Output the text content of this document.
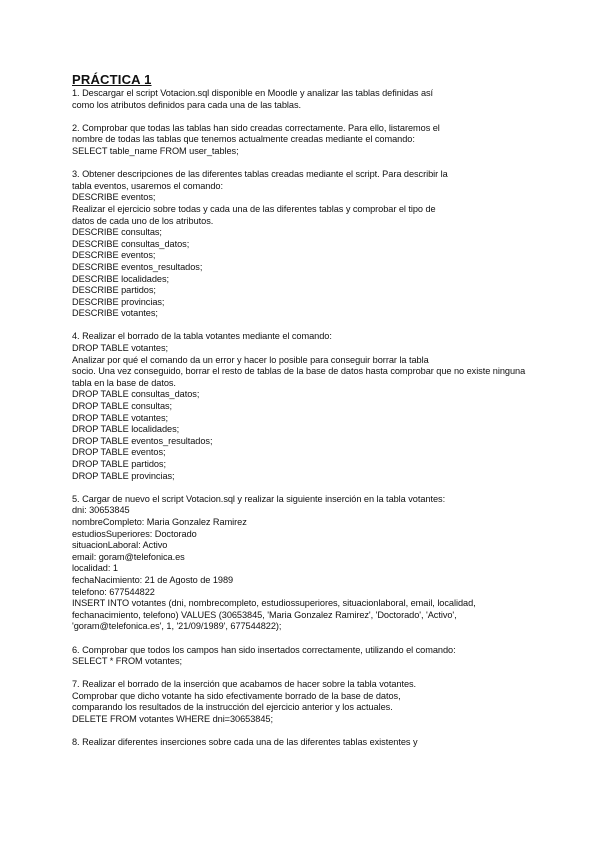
PRÁCTICA 1
1. Descargar el script Votacion.sql disponible en Moodle y analizar las tablas definidas así
como los atributos definidos para cada una de las tablas.
2. Comprobar que todas las tablas han sido creadas correctamente. Para ello, listaremos el
nombre de todas las tablas que tenemos actualmente creadas mediante el comando:
SELECT table_name FROM user_tables;
3. Obtener descripciones de las diferentes tablas creadas mediante el script. Para describir la
tabla eventos, usaremos el comando:
DESCRIBE eventos;
Realizar el ejercicio sobre todas y cada una de las diferentes tablas y comprobar el tipo de
datos de cada uno de los atributos.
DESCRIBE consultas;
DESCRIBE consultas_datos;
DESCRIBE eventos;
DESCRIBE eventos_resultados;
DESCRIBE localidades;
DESCRIBE partidos;
DESCRIBE provincias;
DESCRIBE votantes;
4. Realizar el borrado de la tabla votantes mediante el comando:
DROP TABLE votantes;
Analizar por qué el comando da un error y hacer lo posible para conseguir borrar la tabla
socio. Una vez conseguido, borrar el resto de tablas de la base de datos hasta comprobar que no existe ninguna
tabla en la base de datos.
DROP TABLE consultas_datos;
DROP TABLE consultas;
DROP TABLE votantes;
DROP TABLE localidades;
DROP TABLE eventos_resultados;
DROP TABLE eventos;
DROP TABLE partidos;
DROP TABLE provincias;
5. Cargar de nuevo el script Votacion.sql y realizar la siguiente inserción en la tabla votantes:
dni: 30653845
nombreCompleto: Maria Gonzalez Ramirez
estudiosSuperiores: Doctorado
situacionLaboral: Activo
email: goram@telefonica.es
localidad: 1
fechaNacimiento: 21 de Agosto de 1989
telefono: 677544822
INSERT INTO votantes (dni, nombrecompleto, estudiossuperiores, situacionlaboral, email, localidad,
fechanacimiento, telefono) VALUES (30653845, 'Maria Gonzalez Ramirez', 'Doctorado', 'Activo',
'goram@telefonica.es', 1, '21/09/1989', 677544822);
6. Comprobar que todos los campos han sido insertados correctamente, utilizando el comando:
SELECT * FROM votantes;
7. Realizar el borrado de la inserción que acabamos de hacer sobre la tabla votantes.
Comprobar que dicho votante ha sido efectivamente borrado de la base de datos,
comparando los resultados de la instrucción del ejercicio anterior y los actuales.
DELETE FROM votantes WHERE dni=30653845;
8. Realizar diferentes inserciones sobre cada una de las diferentes tablas existentes y
